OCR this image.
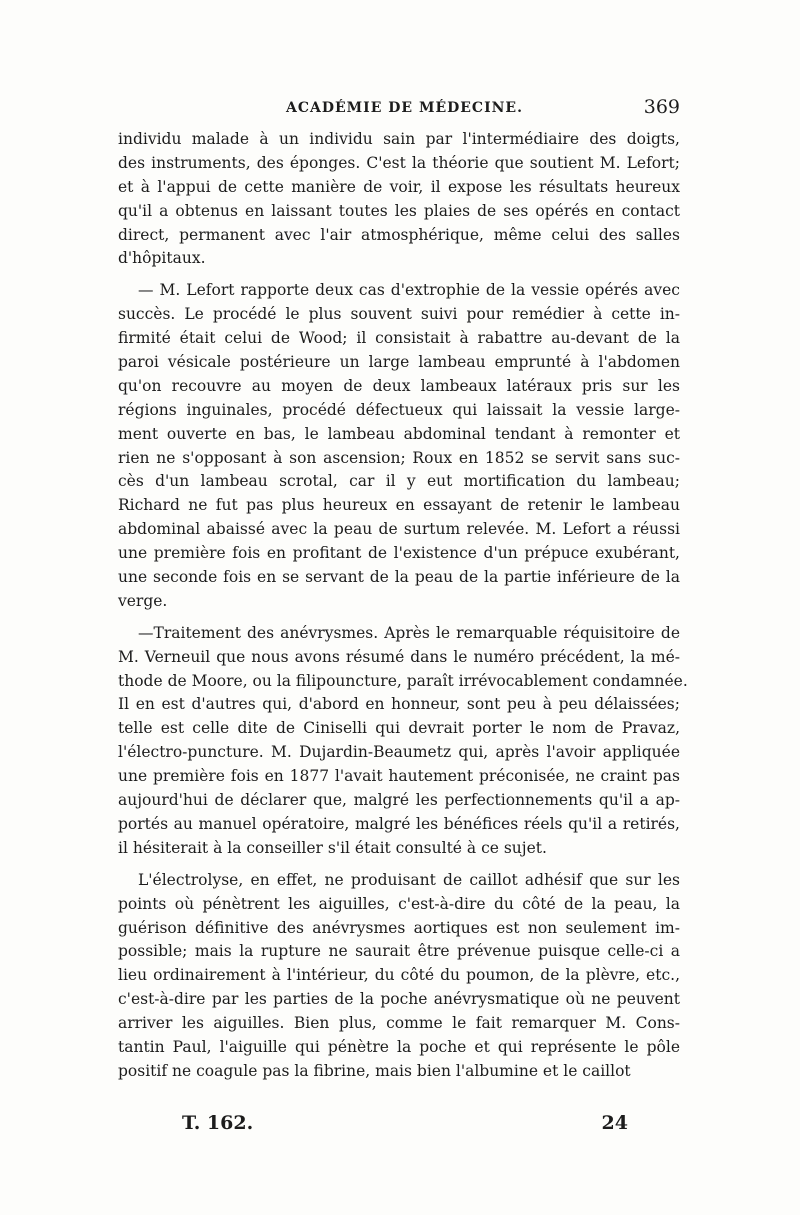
ACADÉMIE DE MÉDECINE.	369
individu malade à un individu sain par l'intermédiaire des doigts,
des instruments, des éponges. C'est la théorie que soutient M. Lefort;
et à l'appui de cette manière de voir, il expose les résultats heureux
qu'il a obtenus en laissant toutes les plaies de ses opérés en contact
direct, permanent avec l'air atmosphérique, même celui des salles
d'hôpitaux.
— M. Lefort rapporte deux cas d'extrophie de la vessie opérés avec
succès. Le procédé le plus souvent suivi pour remédier à cette in-
firmité était celui de Wood; il consistait à rabattre au-devant de la
paroi vésicale postérieure un large lambeau emprunté à l'abdomen
qu'on recouvre au moyen de deux lambeaux latéraux pris sur les
régions inguinales, procédé défectueux qui laissait la vessie large-
ment ouverte en bas, le lambeau abdominal tendant à remonter et
rien ne s'opposant à son ascension; Roux en 1852 se servit sans suc-
cès d'un lambeau scrotal, car il y eut mortification du lambeau;
Richard ne fut pas plus heureux en essayant de retenir le lambeau
abdominal abaissé avec la peau de surtum relevée. M. Lefort a réussi
une première fois en profitant de l'existence d'un prépuce exubérant,
une seconde fois en se servant de la peau de la partie inférieure de la
verge.
—Traitement des anévrysmes. Après le remarquable réquisitoire de
M. Verneuil que nous avons résumé dans le numéro précédent, la mé-
thode de Moore, ou la filipouncture, paraît irrévocablement condamnée.
Il en est d'autres qui, d'abord en honneur, sont peu à peu délaissées;
telle est celle dite de Ciniselli qui devrait porter le nom de Pravaz,
l'électro-puncture. M. Dujardin-Beaumetz qui, après l'avoir appliquée
une première fois en 1877 l'avait hautement préconisée, ne craint pas
aujourd'hui de déclarer que, malgré les perfectionnements qu'il a ap-
portés au manuel opératoire, malgré les bénéfices réels qu'il a retirés,
il hésiterait à la conseiller s'il était consulté à ce sujet.
L'électrolyse, en effet, ne produisant de caillot adhésif que sur les
points où pénètrent les aiguilles, c'est-à-dire du côté de la peau, la
guérison définitive des anévrysmes aortiques est non seulement im-
possible; mais la rupture ne saurait être prévenue puisque celle-ci a
lieu ordinairement à l'intérieur, du côté du poumon, de la plèvre, etc.,
c'est-à-dire par les parties de la poche anévrysmatique où ne peuvent
arriver les aiguilles. Bien plus, comme le fait remarquer M. Cons-
tantin Paul, l'aiguille qui pénètre la poche et qui représente le pôle
positif ne coagule pas la fibrine, mais bien l'albumine et le caillot
T. 162.	24
